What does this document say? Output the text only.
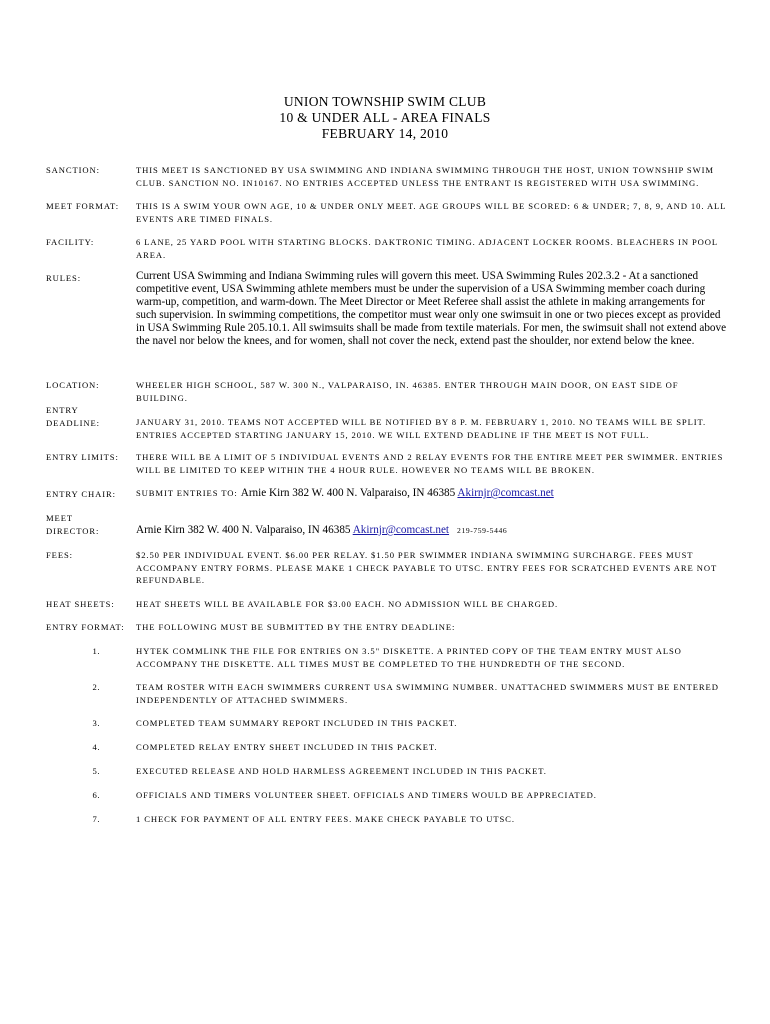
UNION TOWNSHIP SWIM CLUB
10 & UNDER ALL - AREA FINALS
FEBRUARY 14, 2010
SANCTION:	THIS MEET IS SANCTIONED BY USA SWIMMING AND INDIANA SWIMMING THROUGH THE HOST, UNION TOWNSHIP SWIM CLUB. SANCTION NO. IN10167. NO ENTRIES ACCEPTED UNLESS THE ENTRANT IS REGISTERED WITH USA SWIMMING.
MEET FORMAT:	THIS IS A SWIM YOUR OWN AGE, 10 & UNDER ONLY MEET. AGE GROUPS WILL BE SCORED: 6 & UNDER; 7, 8, 9, AND 10. ALL EVENTS ARE TIMED FINALS.
FACILITY:	6 LANE, 25 YARD POOL WITH STARTING BLOCKS. DAKTRONIC TIMING. ADJACENT LOCKER ROOMS. BLEACHERS IN POOL AREA.
RULES:	Current USA Swimming and Indiana Swimming rules will govern this meet. USA Swimming Rules 202.3.2 - At a sanctioned competitive event, USA Swimming athlete members must be under the supervision of a USA Swimming member coach during warm-up, competition, and warm-down. The Meet Director or Meet Referee shall assist the athlete in making arrangements for such supervision. In swimming competitions, the competitor must wear only one swimsuit in one or two pieces except as provided in USA Swimming Rule 205.10.1. All swimsuits shall be made from textile materials. For men, the swimsuit shall not extend above the navel nor below the knees, and for women, shall not cover the neck, extend past the shoulder, nor extend below the knee.
LOCATION:	WHEELER HIGH SCHOOL, 587 W. 300 N., VALPARAISO, IN. 46385. ENTER THROUGH MAIN DOOR, ON EAST SIDE OF BUILDING.
ENTRY
DEADLINE:	JANUARY 31, 2010. TEAMS NOT ACCEPTED WILL BE NOTIFIED BY 8 P. M. FEBRUARY 1, 2010. NO TEAMS WILL BE SPLIT. ENTRIES ACCEPTED STARTING JANUARY 15, 2010. WE WILL EXTEND DEADLINE IF THE MEET IS NOT FULL.
ENTRY LIMITS:	THERE WILL BE A LIMIT OF 5 INDIVIDUAL EVENTS AND 2 RELAY EVENTS FOR THE ENTIRE MEET PER SWIMMER. ENTRIES WILL BE LIMITED TO KEEP WITHIN THE 4 HOUR RULE. HOWEVER NO TEAMS WILL BE BROKEN.
ENTRY CHAIR:	SUBMIT ENTRIES TO: Arnie Kirn 382 W. 400 N. Valparaiso, IN 46385 Akirnjr@comcast.net
MEET
DIRECTOR:	Arnie Kirn 382 W. 400 N. Valparaiso, IN 46385 Akirnjr@comcast.net 219-759-5446
FEES:	$2.50 PER INDIVIDUAL EVENT. $6.00 PER RELAY. $1.50 PER SWIMMER INDIANA SWIMMING SURCHARGE. FEES MUST ACCOMPANY ENTRY FORMS. PLEASE MAKE 1 CHECK PAYABLE TO UTSC. ENTRY FEES FOR SCRATCHED EVENTS ARE NOT REFUNDABLE.
HEAT SHEETS:	HEAT SHEETS WILL BE AVAILABLE FOR $3.00 EACH. NO ADMISSION WILL BE CHARGED.
ENTRY FORMAT:	THE FOLLOWING MUST BE SUBMITTED BY THE ENTRY DEADLINE:
1.	HYTEK COMMLINK THE FILE FOR ENTRIES ON 3.5" DISKETTE. A PRINTED COPY OF THE TEAM ENTRY MUST ALSO ACCOMPANY THE DISKETTE. ALL TIMES MUST BE COMPLETED TO THE HUNDREDTH OF THE SECOND.
2.	TEAM ROSTER WITH EACH SWIMMERS CURRENT USA SWIMMING NUMBER. UNATTACHED SWIMMERS MUST BE ENTERED INDEPENDENTLY OF ATTACHED SWIMMERS.
3.	COMPLETED TEAM SUMMARY REPORT INCLUDED IN THIS PACKET.
4.	COMPLETED RELAY ENTRY SHEET INCLUDED IN THIS PACKET.
5.	EXECUTED RELEASE AND HOLD HARMLESS AGREEMENT INCLUDED IN THIS PACKET.
6.	OFFICIALS AND TIMERS VOLUNTEER SHEET. OFFICIALS AND TIMERS WOULD BE APPRECIATED.
7.	1 CHECK FOR PAYMENT OF ALL ENTRY FEES. MAKE CHECK PAYABLE TO UTSC.
